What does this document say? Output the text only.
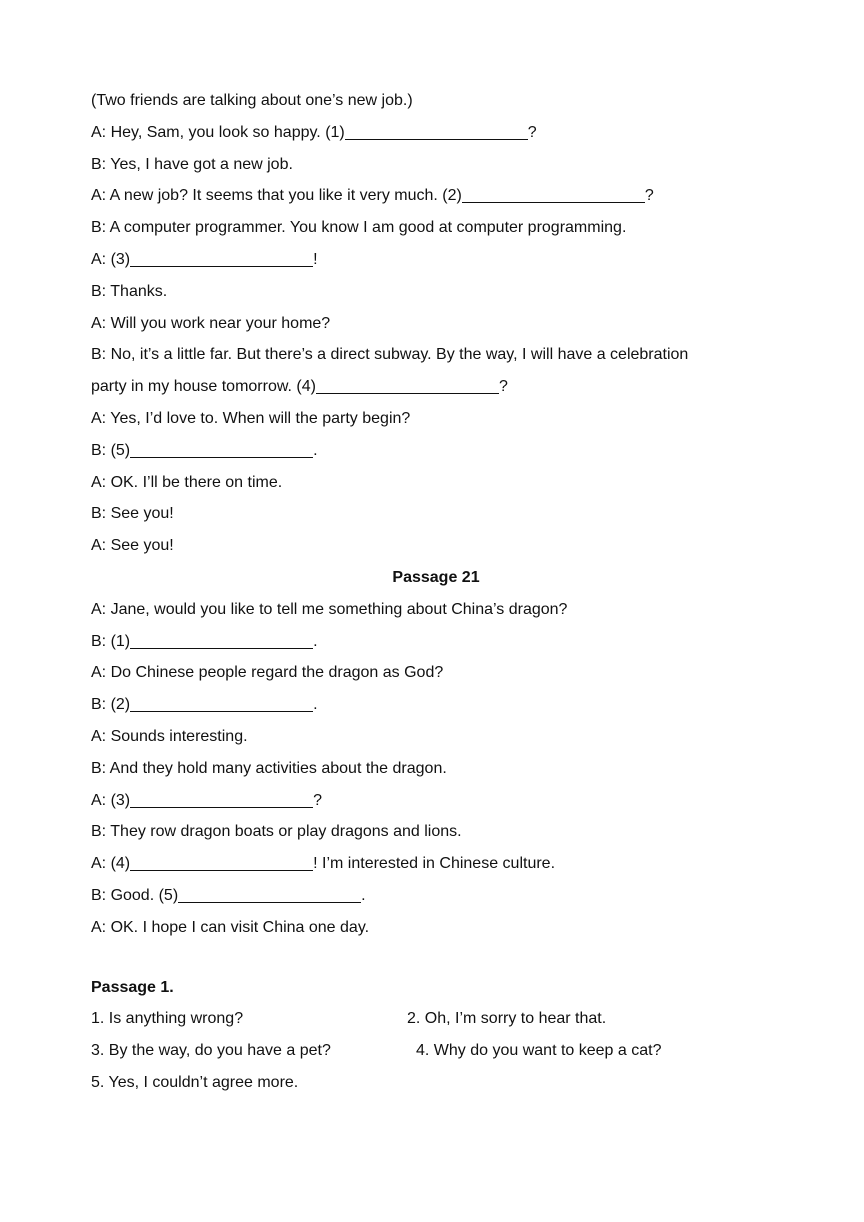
(Two friends are talking about one’s new job.)
A: Hey, Sam, you look so happy. (1)	?
B: Yes, I have got a new job.
A: A new job? It seems that you like it very much. (2)	?
B: A computer programmer. You know I am good at computer programming.
A: (3)	!
B: Thanks.
A: Will you work near your home?
B: No, it’s a little far. But there’s a direct subway. By the way, I will have a celebration
party in my house tomorrow. (4)	?
A: Yes, I’d love to. When will the party begin?
B: (5)	.
A: OK. I’ll be there on time.
B: See you!
A: See you!
Passage 21
A: Jane, would you like to tell me something about China’s dragon?
B: (1)	.
A: Do Chinese people regard the dragon as God?
B: (2)	.
A: Sounds interesting.
B: And they hold many activities about the dragon.
A: (3)	?
B: They row dragon boats or play dragons and lions.
A: (4)	! I’m interested in Chinese culture.
B: Good. (5)	.
A: OK. I hope I can visit China one day.
Passage 1.
1. Is anything wrong?	2. Oh, I’m sorry to hear that.
3. By the way, do you have a pet?	4. Why do you want to keep a cat?
5. Yes, I couldn’t agree more.
